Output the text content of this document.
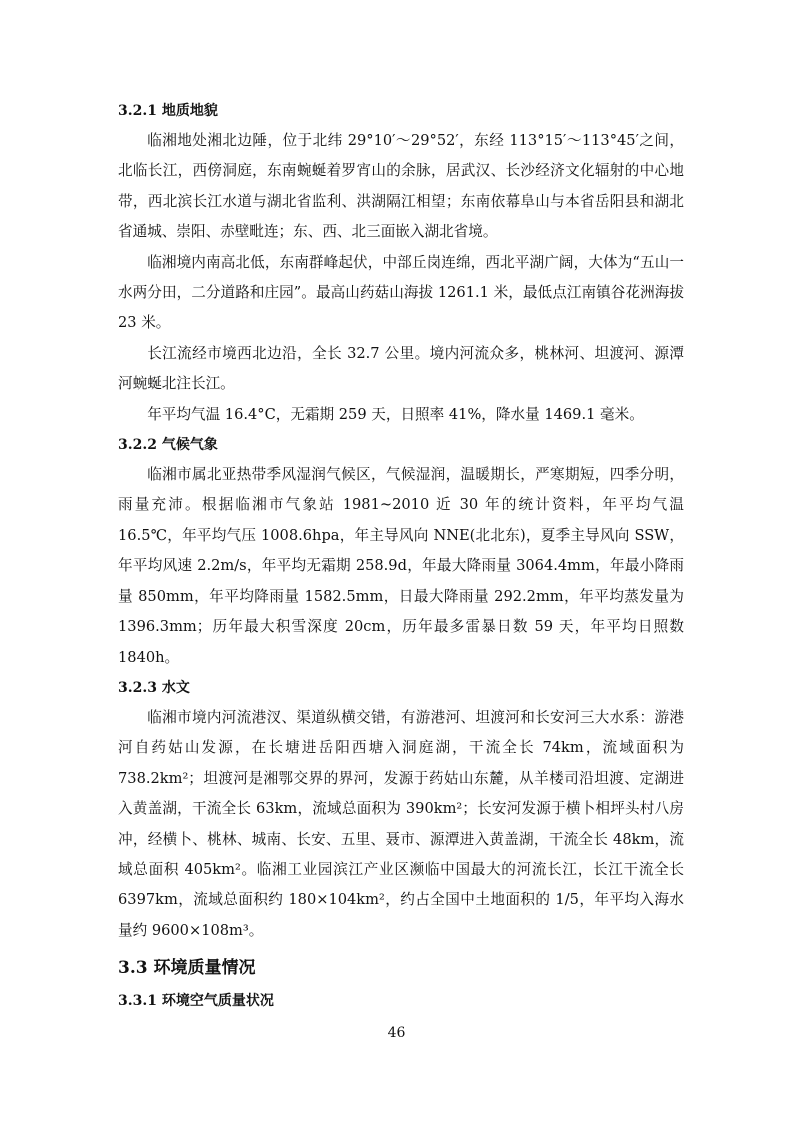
3.2.1 地质地貌

临湘地处湘北边陲，位于北纬 29°10′～29°52′，东经 113°15′～113°45′之间，北临长江，西傍洞庭，东南蜿蜒着罗宵山的余脉，居武汉、长沙经济文化辐射的中心地带，西北滨长江水道与湖北省监利、洪湖隔江相望；东南依幕阜山与本省岳阳县和湖北省通城、崇阳、赤壁毗连；东、西、北三面嵌入湖北省境。

临湘境内南高北低，东南群峰起伏，中部丘岗连绵，西北平湖广阔，大体为“五山一水两分田，二分道路和庄园”。最高山药菇山海拔 1261.1 米，最低点江南镇谷花洲海拔 23 米。

长江流经市境西北边沿，全长 32.7 公里。境内河流众多，桃林河、坦渡河、源潭河蜿蜒北注长江。

年平均气温 16.4°C，无霜期 259 天，日照率 41%，降水量 1469.1 毫米。

3.2.2 气候气象

临湘市属北亚热带季风湿润气候区，气候湿润，温暖期长，严寒期短，四季分明，雨量充沛。根据临湘市气象站 1981~2010 近 30 年的统计资料，年平均气温 16.5℃，年平均气压 1008.6hpa，年主导风向 NNE(北北东)，夏季主导风向 SSW，年平均风速 2.2m/s，年平均无霜期 258.9d，年最大降雨量 3064.4mm，年最小降雨量 850mm，年平均降雨量 1582.5mm，日最大降雨量 292.2mm，年平均蒸发量为 1396.3mm；历年最大积雪深度 20cm，历年最多雷暴日数 59 天，年平均日照数 1840h。

3.2.3 水文

临湘市境内河流港汊、渠道纵横交错，有游港河、坦渡河和长安河三大水系：游港河自药姑山发源，在长塘进岳阳西塘入洞庭湖，干流全长 74km，流域面积为 738.2km²；坦渡河是湘鄂交界的界河，发源于药姑山东麓，从羊楼司沿坦渡、定湖进入黄盖湖，干流全长 63km，流域总面积为 390km²；长安河发源于横卜相坪头村八房冲，经横卜、桃林、城南、长安、五里、聂市、源潭进入黄盖湖，干流全长 48km，流域总面积 405km²。临湘工业园滨江产业区濒临中国最大的河流长江，长江干流全长 6397km，流域总面积约 180×104km²，约占全国中土地面积的 1/5，年平均入海水量约 9600×108m³。

3.3 环境质量情况
3.3.1 环境空气质量状况
46
